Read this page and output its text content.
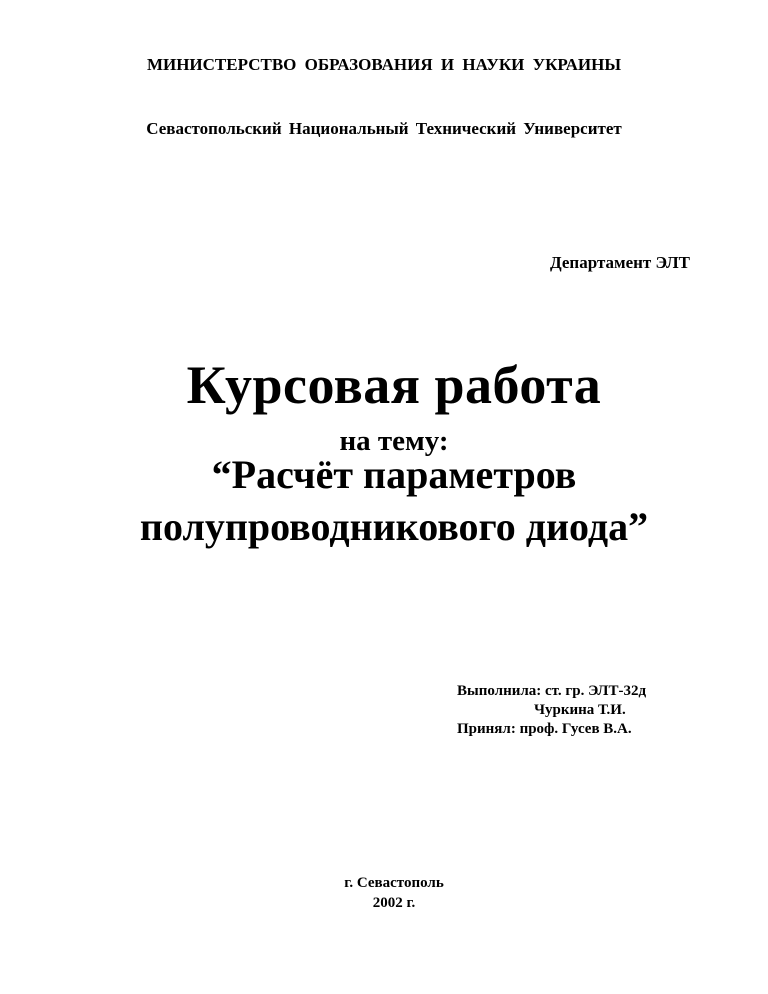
МИНИСТЕРСТВО ОБРАЗОВАНИЯ И НАУКИ УКРАИНЫ
Севастопольский Национальный Технический Университет
Департамент ЭЛТ
Курсовая работа
на тему:
“Расчёт параметров
полупроводникового диода”
Выполнила: ст. гр. ЭЛТ-32д
Чуркина Т.И.
Принял: проф. Гусев В.А.
г. Севастополь
2002 г.
